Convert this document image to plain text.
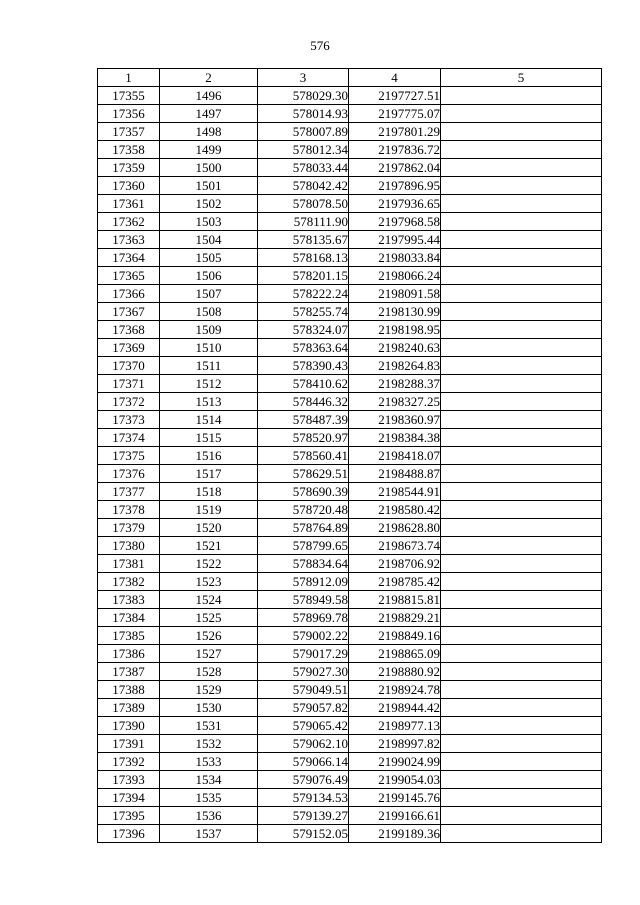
576
1	2	3	4	5
17355	1496	578029.30	2197727.51	
17356	1497	578014.93	2197775.07	
17357	1498	578007.89	2197801.29	
17358	1499	578012.34	2197836.72	
17359	1500	578033.44	2197862.04	
17360	1501	578042.42	2197896.95	
17361	1502	578078.50	2197936.65	
17362	1503	578111.90	2197968.58	
17363	1504	578135.67	2197995.44	
17364	1505	578168.13	2198033.84	
17365	1506	578201.15	2198066.24	
17366	1507	578222.24	2198091.58	
17367	1508	578255.74	2198130.99	
17368	1509	578324.07	2198198.95	
17369	1510	578363.64	2198240.63	
17370	1511	578390.43	2198264.83	
17371	1512	578410.62	2198288.37	
17372	1513	578446.32	2198327.25	
17373	1514	578487.39	2198360.97	
17374	1515	578520.97	2198384.38	
17375	1516	578560.41	2198418.07	
17376	1517	578629.51	2198488.87	
17377	1518	578690.39	2198544.91	
17378	1519	578720.48	2198580.42	
17379	1520	578764.89	2198628.80	
17380	1521	578799.65	2198673.74	
17381	1522	578834.64	2198706.92	
17382	1523	578912.09	2198785.42	
17383	1524	578949.58	2198815.81	
17384	1525	578969.78	2198829.21	
17385	1526	579002.22	2198849.16	
17386	1527	579017.29	2198865.09	
17387	1528	579027.30	2198880.92	
17388	1529	579049.51	2198924.78	
17389	1530	579057.82	2198944.42	
17390	1531	579065.42	2198977.13	
17391	1532	579062.10	2198997.82	
17392	1533	579066.14	2199024.99	
17393	1534	579076.49	2199054.03	
17394	1535	579134.53	2199145.76	
17395	1536	579139.27	2199166.61	
17396	1537	579152.05	2199189.36	
